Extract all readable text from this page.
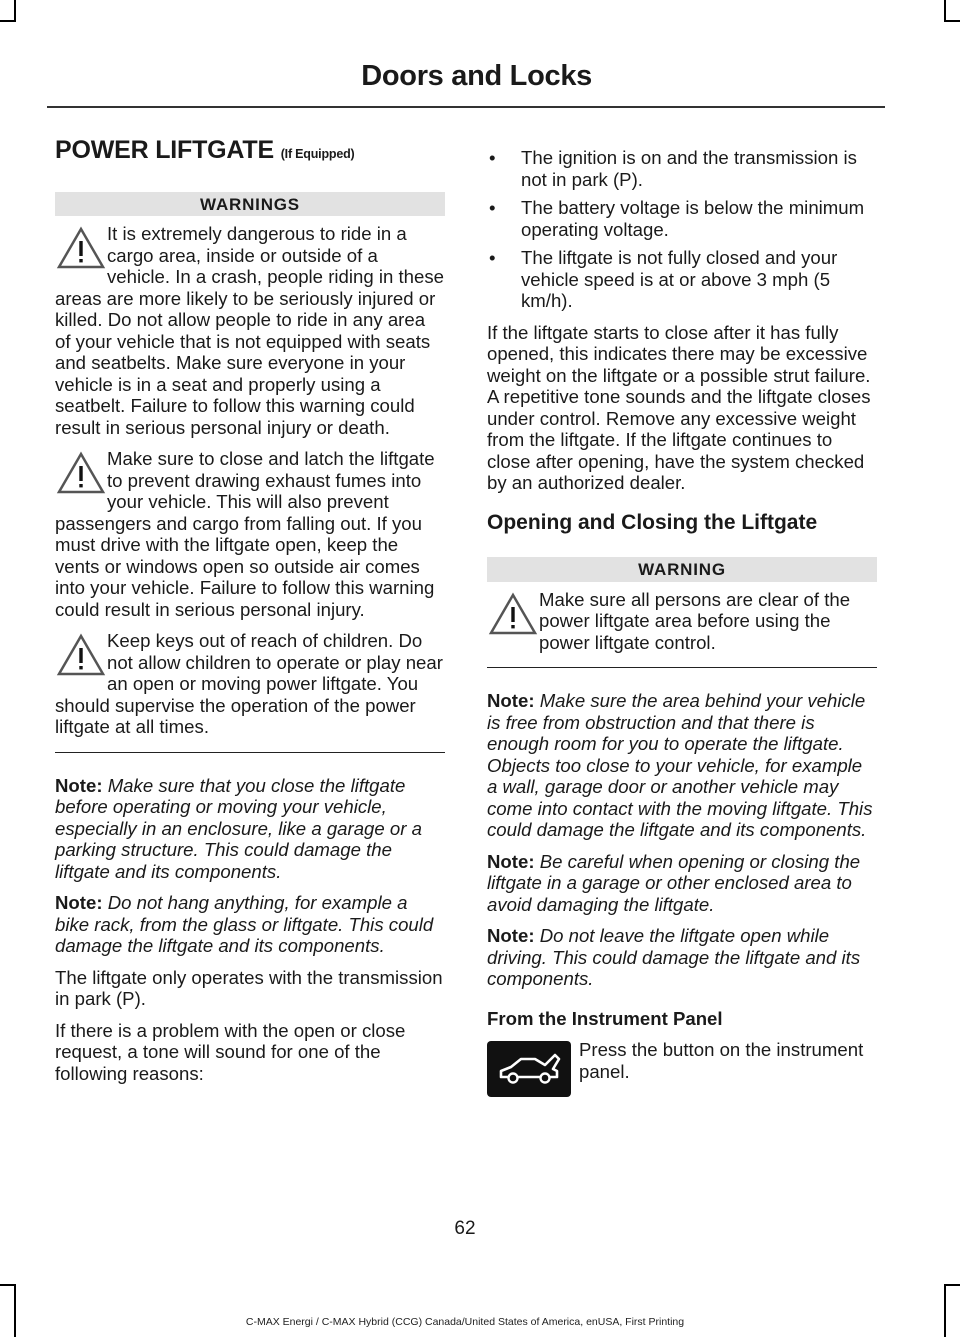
Doors and Locks
POWER LIFTGATE (If Equipped)
WARNINGS

It is extremely dangerous to ride in a cargo area, inside or outside of a vehicle. In a crash, people riding in these areas are more likely to be seriously injured or killed. Do not allow people to ride in any area of your vehicle that is not equipped with seats and seatbelts. Make sure everyone in your vehicle is in a seat and properly using a seatbelt. Failure to follow this warning could result in serious personal injury or death.

Make sure to close and latch the liftgate to prevent drawing exhaust fumes into your vehicle. This will also prevent passengers and cargo from falling out. If you must drive with the liftgate open, keep the vents or windows open so outside air comes into your vehicle. Failure to follow this warning could result in serious personal injury.

Keep keys out of reach of children. Do not allow children to operate or play near an open or moving power liftgate. You should supervise the operation of the power liftgate at all times.

Note: Make sure that you close the liftgate before operating or moving your vehicle, especially in an enclosure, like a garage or a parking structure. This could damage the liftgate and its components.

Note: Do not hang anything, for example a bike rack, from the glass or liftgate. This could damage the liftgate and its components.

The liftgate only operates with the transmission in park (P).

If there is a problem with the open or close request, a tone will sound for one of the following reasons:

• The ignition is on and the transmission is not in park (P).
• The battery voltage is below the minimum operating voltage.
• The liftgate is not fully closed and your vehicle speed is at or above 3 mph (5 km/h).

If the liftgate starts to close after it has fully opened, this indicates there may be excessive weight on the liftgate or a possible strut failure. A repetitive tone sounds and the liftgate closes under control. Remove any excessive weight from the liftgate. If the liftgate continues to close after opening, have the system checked by an authorized dealer.

Opening and Closing the Liftgate
WARNING

Make sure all persons are clear of the power liftgate area before using the power liftgate control.

Note: Make sure the area behind your vehicle is free from obstruction and that there is enough room for you to operate the liftgate. Objects too close to your vehicle, for example a wall, garage door or another vehicle may come into contact with the moving liftgate. This could damage the liftgate and its components.

Note: Be careful when opening or closing the liftgate in a garage or other enclosed area to avoid damaging the liftgate.

Note: Do not leave the liftgate open while driving. This could damage the liftgate and its components.

From the Instrument Panel

Press the button on the instrument panel.

62
C-MAX Energi / C-MAX Hybrid (CCG) Canada/United States of America, enUSA, First Printing
